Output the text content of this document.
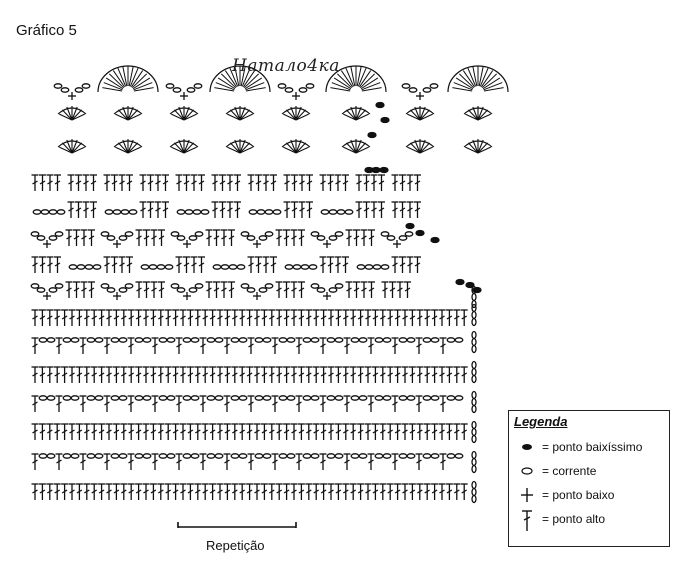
Gráfico 5
Натало4ка
Repetição
Legenda
= ponto baixíssimo
= corrente
= ponto baixo
= ponto alto
